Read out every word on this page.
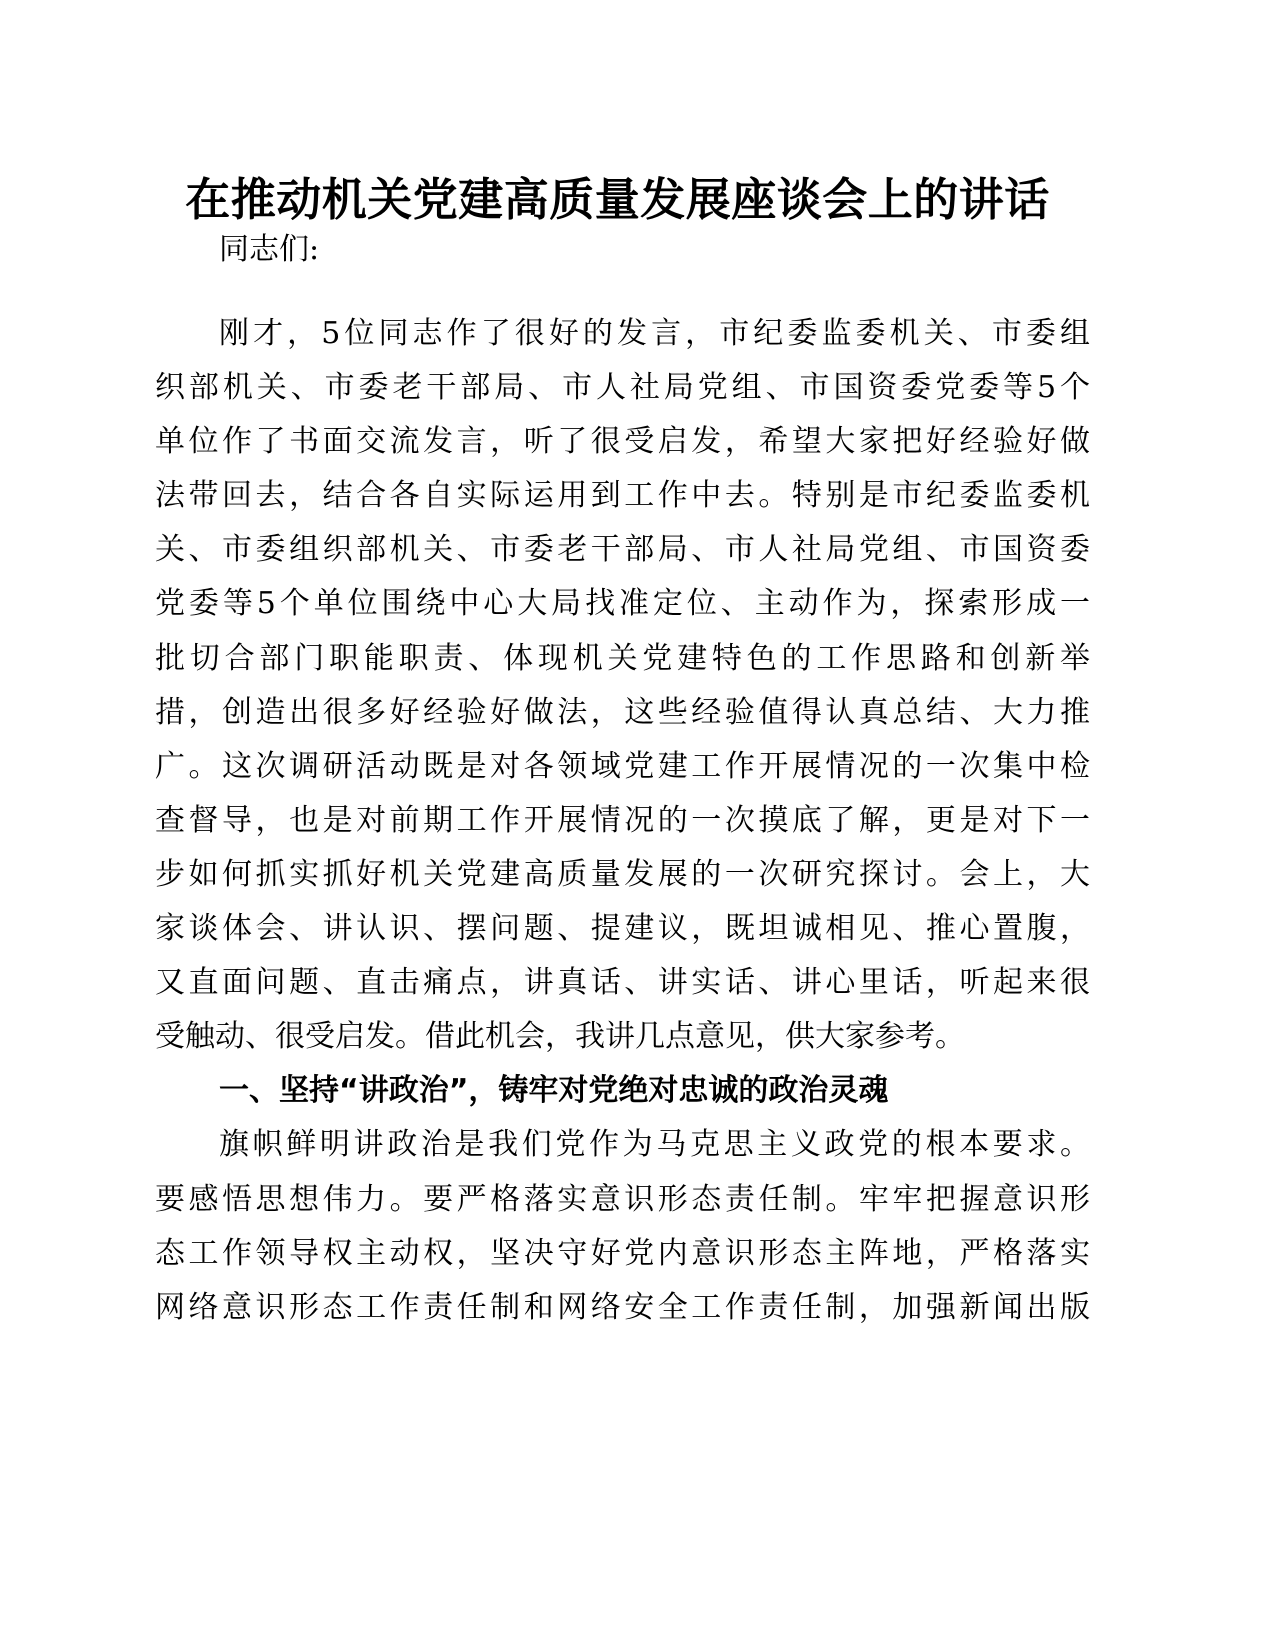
在推动机关党建高质量发展座谈会上的讲话

同志们:

刚才，5位同志作了很好的发言，市纪委监委机关、市委组

织部机关、市委老干部局、市人社局党组、市国资委党委等5个

单位作了书面交流发言，听了很受启发，希望大家把好经验好做

法带回去，结合各自实际运用到工作中去。特别是市纪委监委机

关、市委组织部机关、市委老干部局、市人社局党组、市国资委

党委等5个单位围绕中心大局找准定位、主动作为，探索形成一

批切合部门职能职责、体现机关党建特色的工作思路和创新举

措，创造出很多好经验好做法，这些经验值得认真总结、大力推

广。这次调研活动既是对各领域党建工作开展情况的一次集中检

查督导，也是对前期工作开展情况的一次摸底了解，更是对下一

步如何抓实抓好机关党建高质量发展的一次研究探讨。会上，大

家谈体会、讲认识、摆问题、提建议，既坦诚相见、推心置腹，

又直面问题、直击痛点，讲真话、讲实话、讲心里话，听起来很

受触动、很受启发。借此机会，我讲几点意见，供大家参考。

一、坚持“讲政治”，铸牢对党绝对忠诚的政治灵魂

旗帜鲜明讲政治是我们党作为马克思主义政党的根本要求。

要感悟思想伟力。要严格落实意识形态责任制。牢牢把握意识形

态工作领导权主动权，坚决守好党内意识形态主阵地，严格落实

网络意识形态工作责任制和网络安全工作责任制，加强新闻出版
